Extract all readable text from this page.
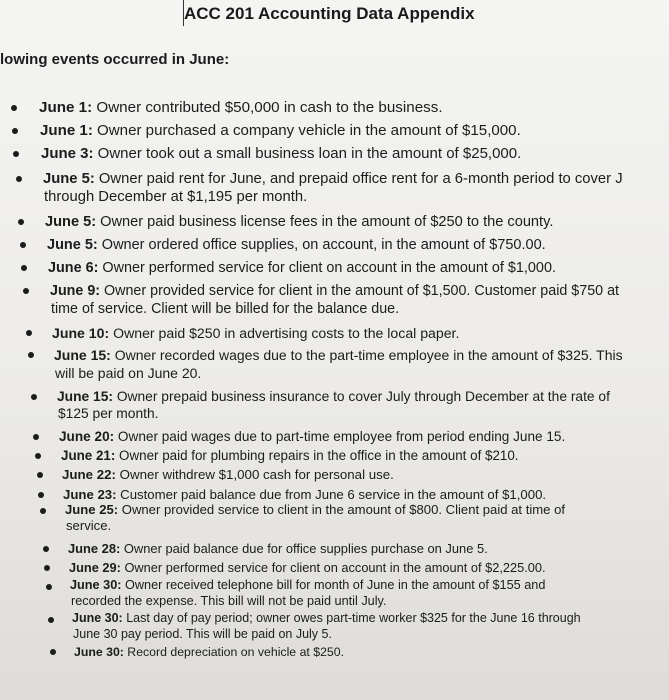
ACC 201 Accounting Data Appendix
lowing events occurred in June:
June 1: Owner contributed $50,000 in cash to the business.
June 1: Owner purchased a company vehicle in the amount of $15,000.
June 3: Owner took out a small business loan in the amount of $25,000.
June 5: Owner paid rent for June, and prepaid office rent for a 6-month period to cover J
through December at $1,195 per month.
June 5: Owner paid business license fees in the amount of $250 to the county.
June 5: Owner ordered office supplies, on account, in the amount of $750.00.
June 6: Owner performed service for client on account in the amount of $1,000.
June 9: Owner provided service for client in the amount of $1,500. Customer paid $750 at
time of service. Client will be billed for the balance due.
June 10: Owner paid $250 in advertising costs to the local paper.
June 15: Owner recorded wages due to the part-time employee in the amount of $325. This
will be paid on June 20.
June 15: Owner prepaid business insurance to cover July through December at the rate of
$125 per month.
June 20: Owner paid wages due to part-time employee from period ending June 15.
June 21: Owner paid for plumbing repairs in the office in the amount of $210.
June 22: Owner withdrew $1,000 cash for personal use.
June 23: Customer paid balance due from June 6 service in the amount of $1,000.
June 25: Owner provided service to client in the amount of $800. Client paid at time of
service.
June 28: Owner paid balance due for office supplies purchase on June 5.
June 29: Owner performed service for client on account in the amount of $2,225.00.
June 30: Owner received telephone bill for month of June in the amount of $155 and
recorded the expense. This bill will not be paid until July.
June 30: Last day of pay period; owner owes part-time worker $325 for the June 16 through
June 30 pay period. This will be paid on July 5.
June 30: Record depreciation on vehicle at $250.
